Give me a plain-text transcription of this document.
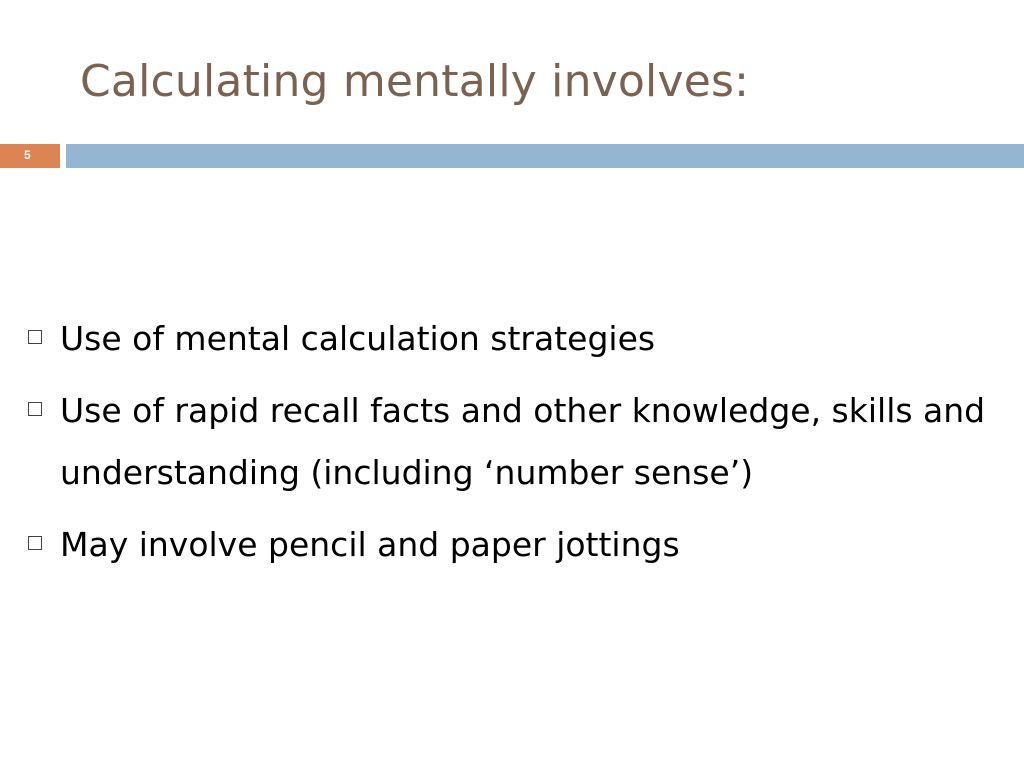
Calculating mentally involves:
5
Use of mental calculation strategies
Use of rapid recall facts and other knowledge, skills and understanding (including ‘number sense’)
May involve pencil and paper jottings
